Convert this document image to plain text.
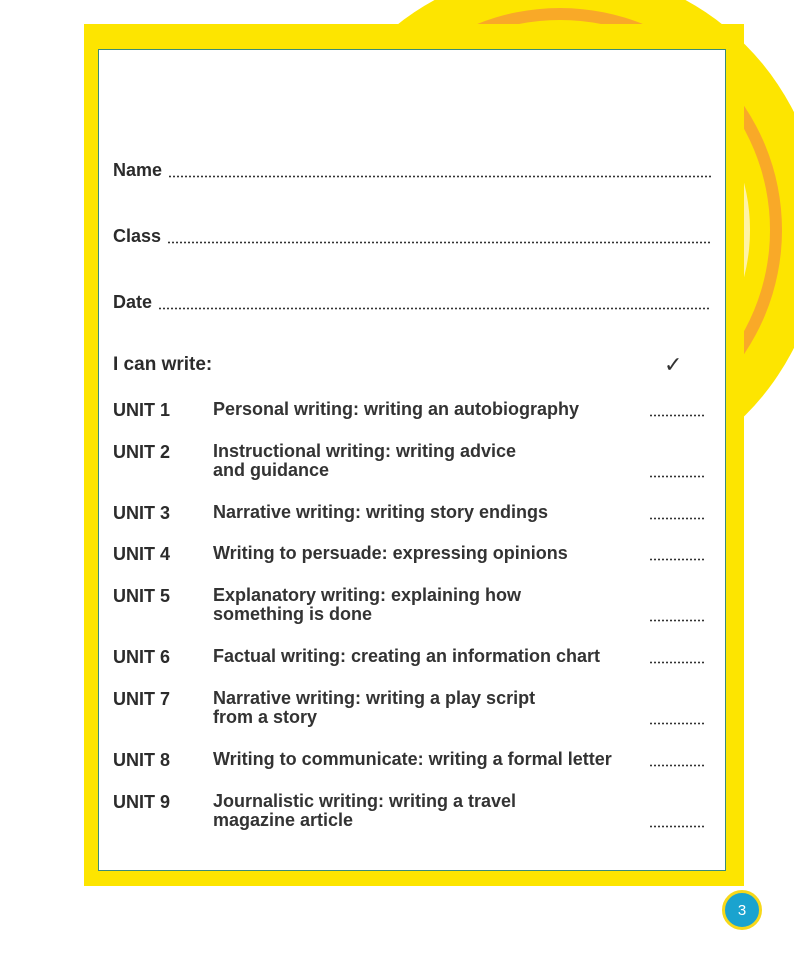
Name
Class
Date
I can write:	✓
UNIT 1 Personal writing: writing an autobiography
UNIT 2 Instructional writing: writing advice
and guidance
UNIT 3 Narrative writing: writing story endings
UNIT 4 Writing to persuade: expressing opinions
UNIT 5 Explanatory writing: explaining how
something is done
UNIT 6 Factual writing: creating an information chart
UNIT 7 Narrative writing: writing a play script
from a story
UNIT 8 Writing to communicate: writing a formal letter
UNIT 9 Journalistic writing: writing a travel
magazine article
3
